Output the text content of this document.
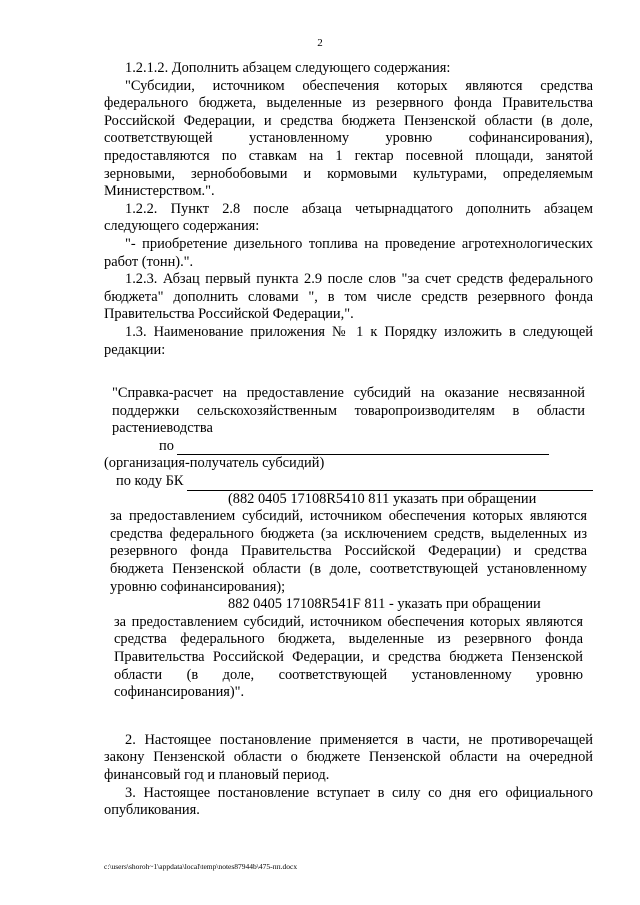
2

1.2.1.2. Дополнить абзацем следующего содержания:

"Субсидии, источником обеспечения которых являются средства федерального бюджета, выделенные из резервного фонда Правительства Российской Федерации, и средства бюджета Пензенской области (в доле, соответствующей установленному уровню софинансирования), предоставляются по ставкам на 1 гектар посевной площади, занятой зерновыми, зернобобовыми и кормовыми культурами, определяемым Министерством.".

1.2.2. Пункт 2.8 после абзаца четырнадцатого дополнить абзацем следующего содержания:

"- приобретение дизельного топлива на проведение агротехнологических работ (тонн).".

1.2.3. Абзац первый пункта 2.9 после слов "за счет средств федерального бюджета" дополнить словами ", в том числе средств резервного фонда Правительства Российской Федерации,".

1.3. Наименование приложения № 1 к Порядку изложить в следующей редакции:

"Справка-расчет на предоставление субсидий на оказание несвязанной поддержки сельскохозяйственным товаропроизводителям в области растениеводства

по

(организация-получатель субсидий)

по коду БК

(882 0405 17108R5410 811 указать при обращении

за предоставлением субсидий, источником обеспечения которых являются средства федерального бюджета (за исключением средств, выделенных из резервного фонда Правительства Российской Федерации) и средства бюджета Пензенской области (в доле, соответствующей установленному уровню софинансирования);

882 0405 17108R541F 811 - указать при обращении

за предоставлением субсидий, источником обеспечения которых являются средства федерального бюджета, выделенные из резервного фонда Правительства Российской Федерации, и средства бюджета Пензенской области (в доле, соответствующей установленному уровню софинансирования)".

2. Настоящее постановление применяется в части, не противоречащей закону Пензенской области о бюджете Пензенской области на очередной финансовый год и плановый период.

3. Настоящее постановление вступает в силу со дня его официального опубликования.

c:\users\shoroh~1\appdata\local\temp\notes87944b\475-пп.docx
